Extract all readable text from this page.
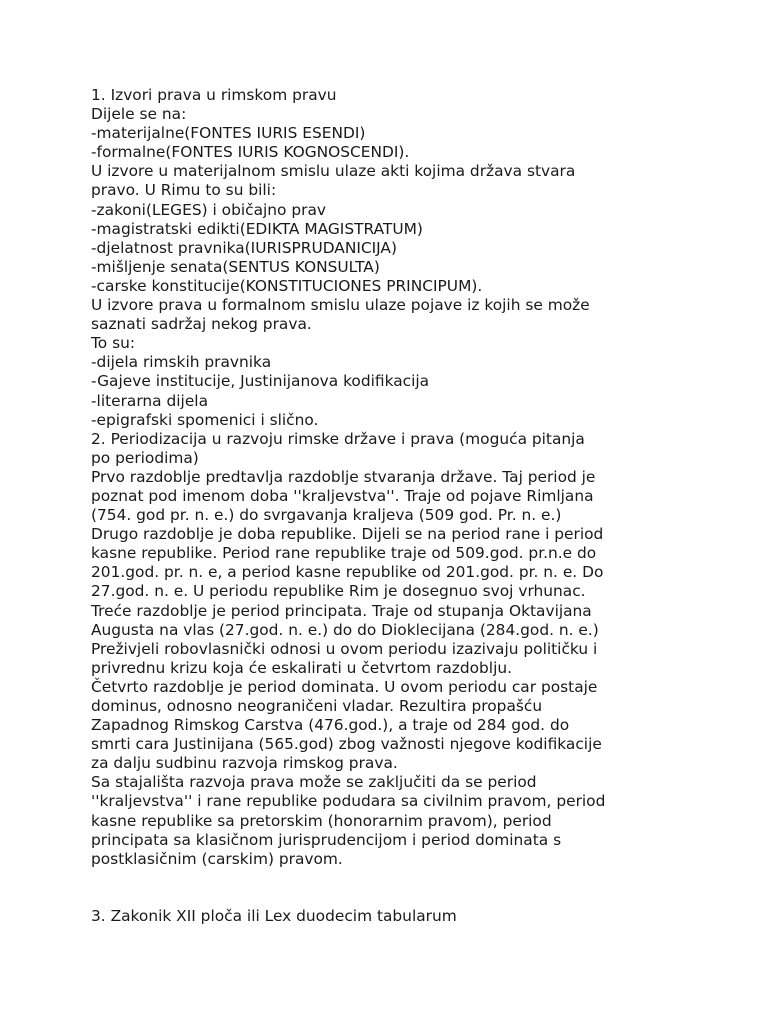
1. Izvori prava u rimskom pravu
Dijele se na:
-materijalne(FONTES IURIS ESENDI)
-formalne(FONTES IURIS KOGNOSCENDI).
U izvore u materijalnom smislu ulaze akti kojima država stvara
pravo. U Rimu to su bili:
-zakoni(LEGES) i običajno prav
-magistratski edikti(EDIKTA MAGISTRATUM)
-djelatnost pravnika(IURISPRUDANICIJA)
-mišljenje senata(SENTUS KONSULTA)
-carske konstitucije(KONSTITUCIONES PRINCIPUM).
U izvore prava u formalnom smislu ulaze pojave iz kojih se može
saznati sadržaj nekog prava.
To su:
-dijela rimskih pravnika
-Gajeve institucije, Justinijanova kodifikacija
-literarna dijela
-epigrafski spomenici i slično.
2. Periodizacija u razvoju rimske države i prava (moguća pitanja
po periodima)
Prvo razdoblje predtavlja razdoblje stvaranja države. Taj period je
poznat pod imenom doba ''kraljevstva''. Traje od pojave Rimljana
(754. god pr. n. e.) do svrgavanja kraljeva (509 god. Pr. n. e.)
Drugo razdoblje je doba republike. Dijeli se na period rane i period
kasne republike. Period rane republike traje od 509.god. pr.n.e do
201.god. pr. n. e, a period kasne republike od 201.god. pr. n. e. Do
27.god. n. e. U periodu republike Rim je dosegnuo svoj vrhunac.
Treće razdoblje je period principata. Traje od stupanja Oktavijana
Augusta na vlas (27.god. n. e.) do do Dioklecijana (284.god. n. e.)
Preživjeli robovlasnički odnosi u ovom periodu izazivaju političku i
privrednu krizu koja će eskalirati u četvrtom razdoblju.
Četvrto razdoblje je period dominata. U ovom periodu car postaje
dominus, odnosno neograničeni vladar. Rezultira propašću
Zapadnog Rimskog Carstva (476.god.), a traje od 284 god. do
smrti cara Justinijana (565.god) zbog važnosti njegove kodifikacije
za dalju sudbinu razvoja rimskog prava.
Sa stajališta razvoja prava može se zaključiti da se period
''kraljevstva'' i rane republike podudara sa civilnim pravom, period
kasne republike sa pretorskim (honorarnim pravom), period
principata sa klasičnom jurisprudencijom i period dominata s
postklasičnim (carskim) pravom.
3. Zakonik XII ploča ili Lex duodecim tabularum
